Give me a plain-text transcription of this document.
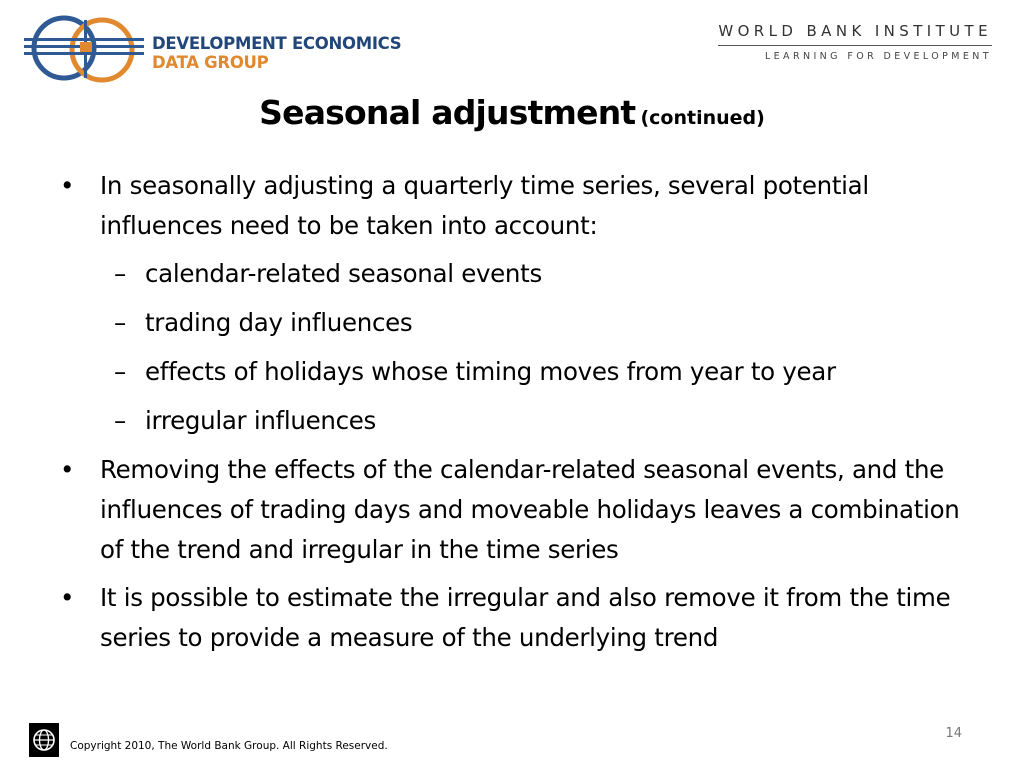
DEVELOPMENT ECONOMICS
DATA GROUP
WORLD BANK INSTITUTE
LEARNING FOR DEVELOPMENT
Seasonal adjustment (continued)
• In seasonally adjusting a quarterly time series, several potential influences need to be taken into account:
– calendar-related seasonal events
– trading day influences
– effects of holidays whose timing moves from year to year
– irregular influences
• Removing the effects of the calendar-related seasonal events, and the influences of trading days and moveable holidays leaves a combination of the trend and irregular in the time series
• It is possible to estimate the irregular and also remove it from the time series to provide a measure of the underlying trend
Copyright 2010, The World Bank Group. All Rights Reserved.
14
